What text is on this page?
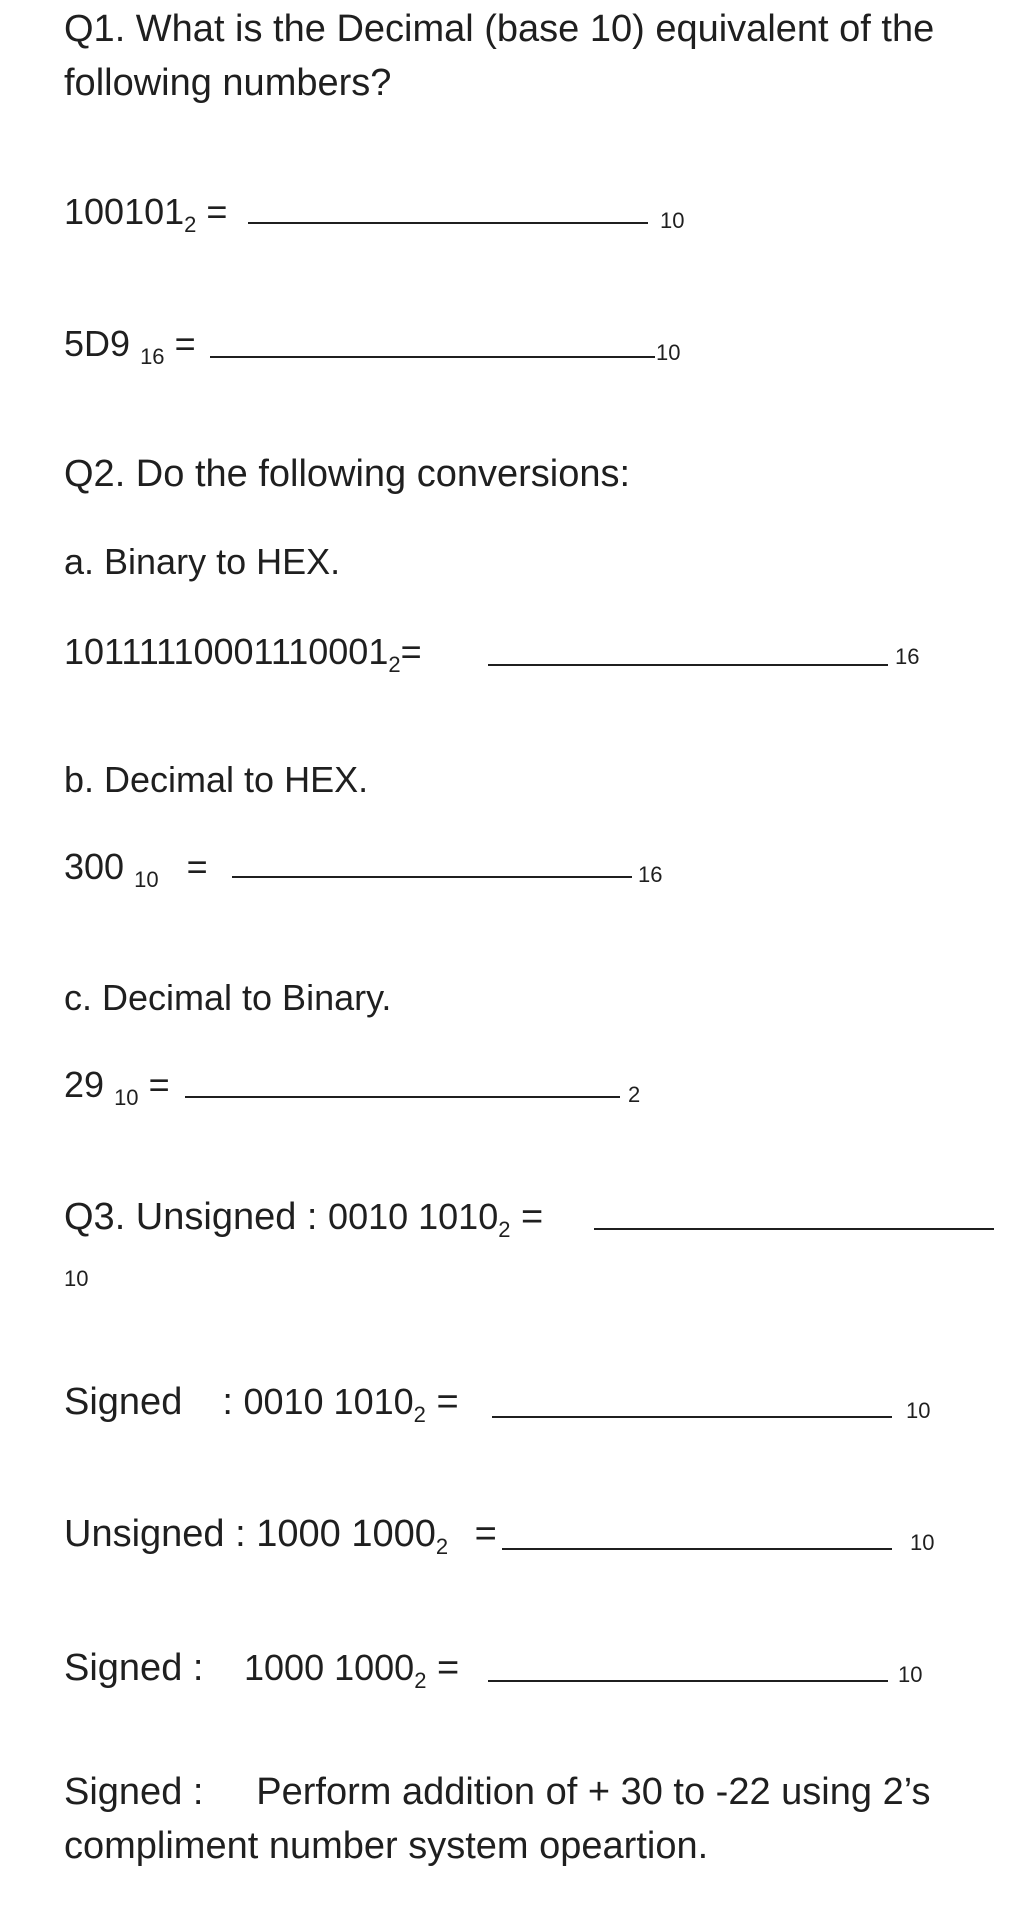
Q1. What is the Decimal (base 10) equivalent of the following numbers?
$100101_2$ =	10
5D9 $_{16}$ =	10
Q2. Do the following conversions:
a. Binary to HEX.
$10111110001110001_2=$	16
b. Decimal to HEX.
300 $_{10}$ =	16
c. Decimal to Binary.
29 $_{10}$ =	2
Q3. Unsigned : 0010 $1010_2$ =
10
Signed : 0010 $1010_2$ =	10
Unsigned : 1000 $1000_2$ =	10
Signed : 1000 $1000_2$ =	10
Signed : Perform addition of + 30 to -22 using 2’s compliment number system opeartion.
